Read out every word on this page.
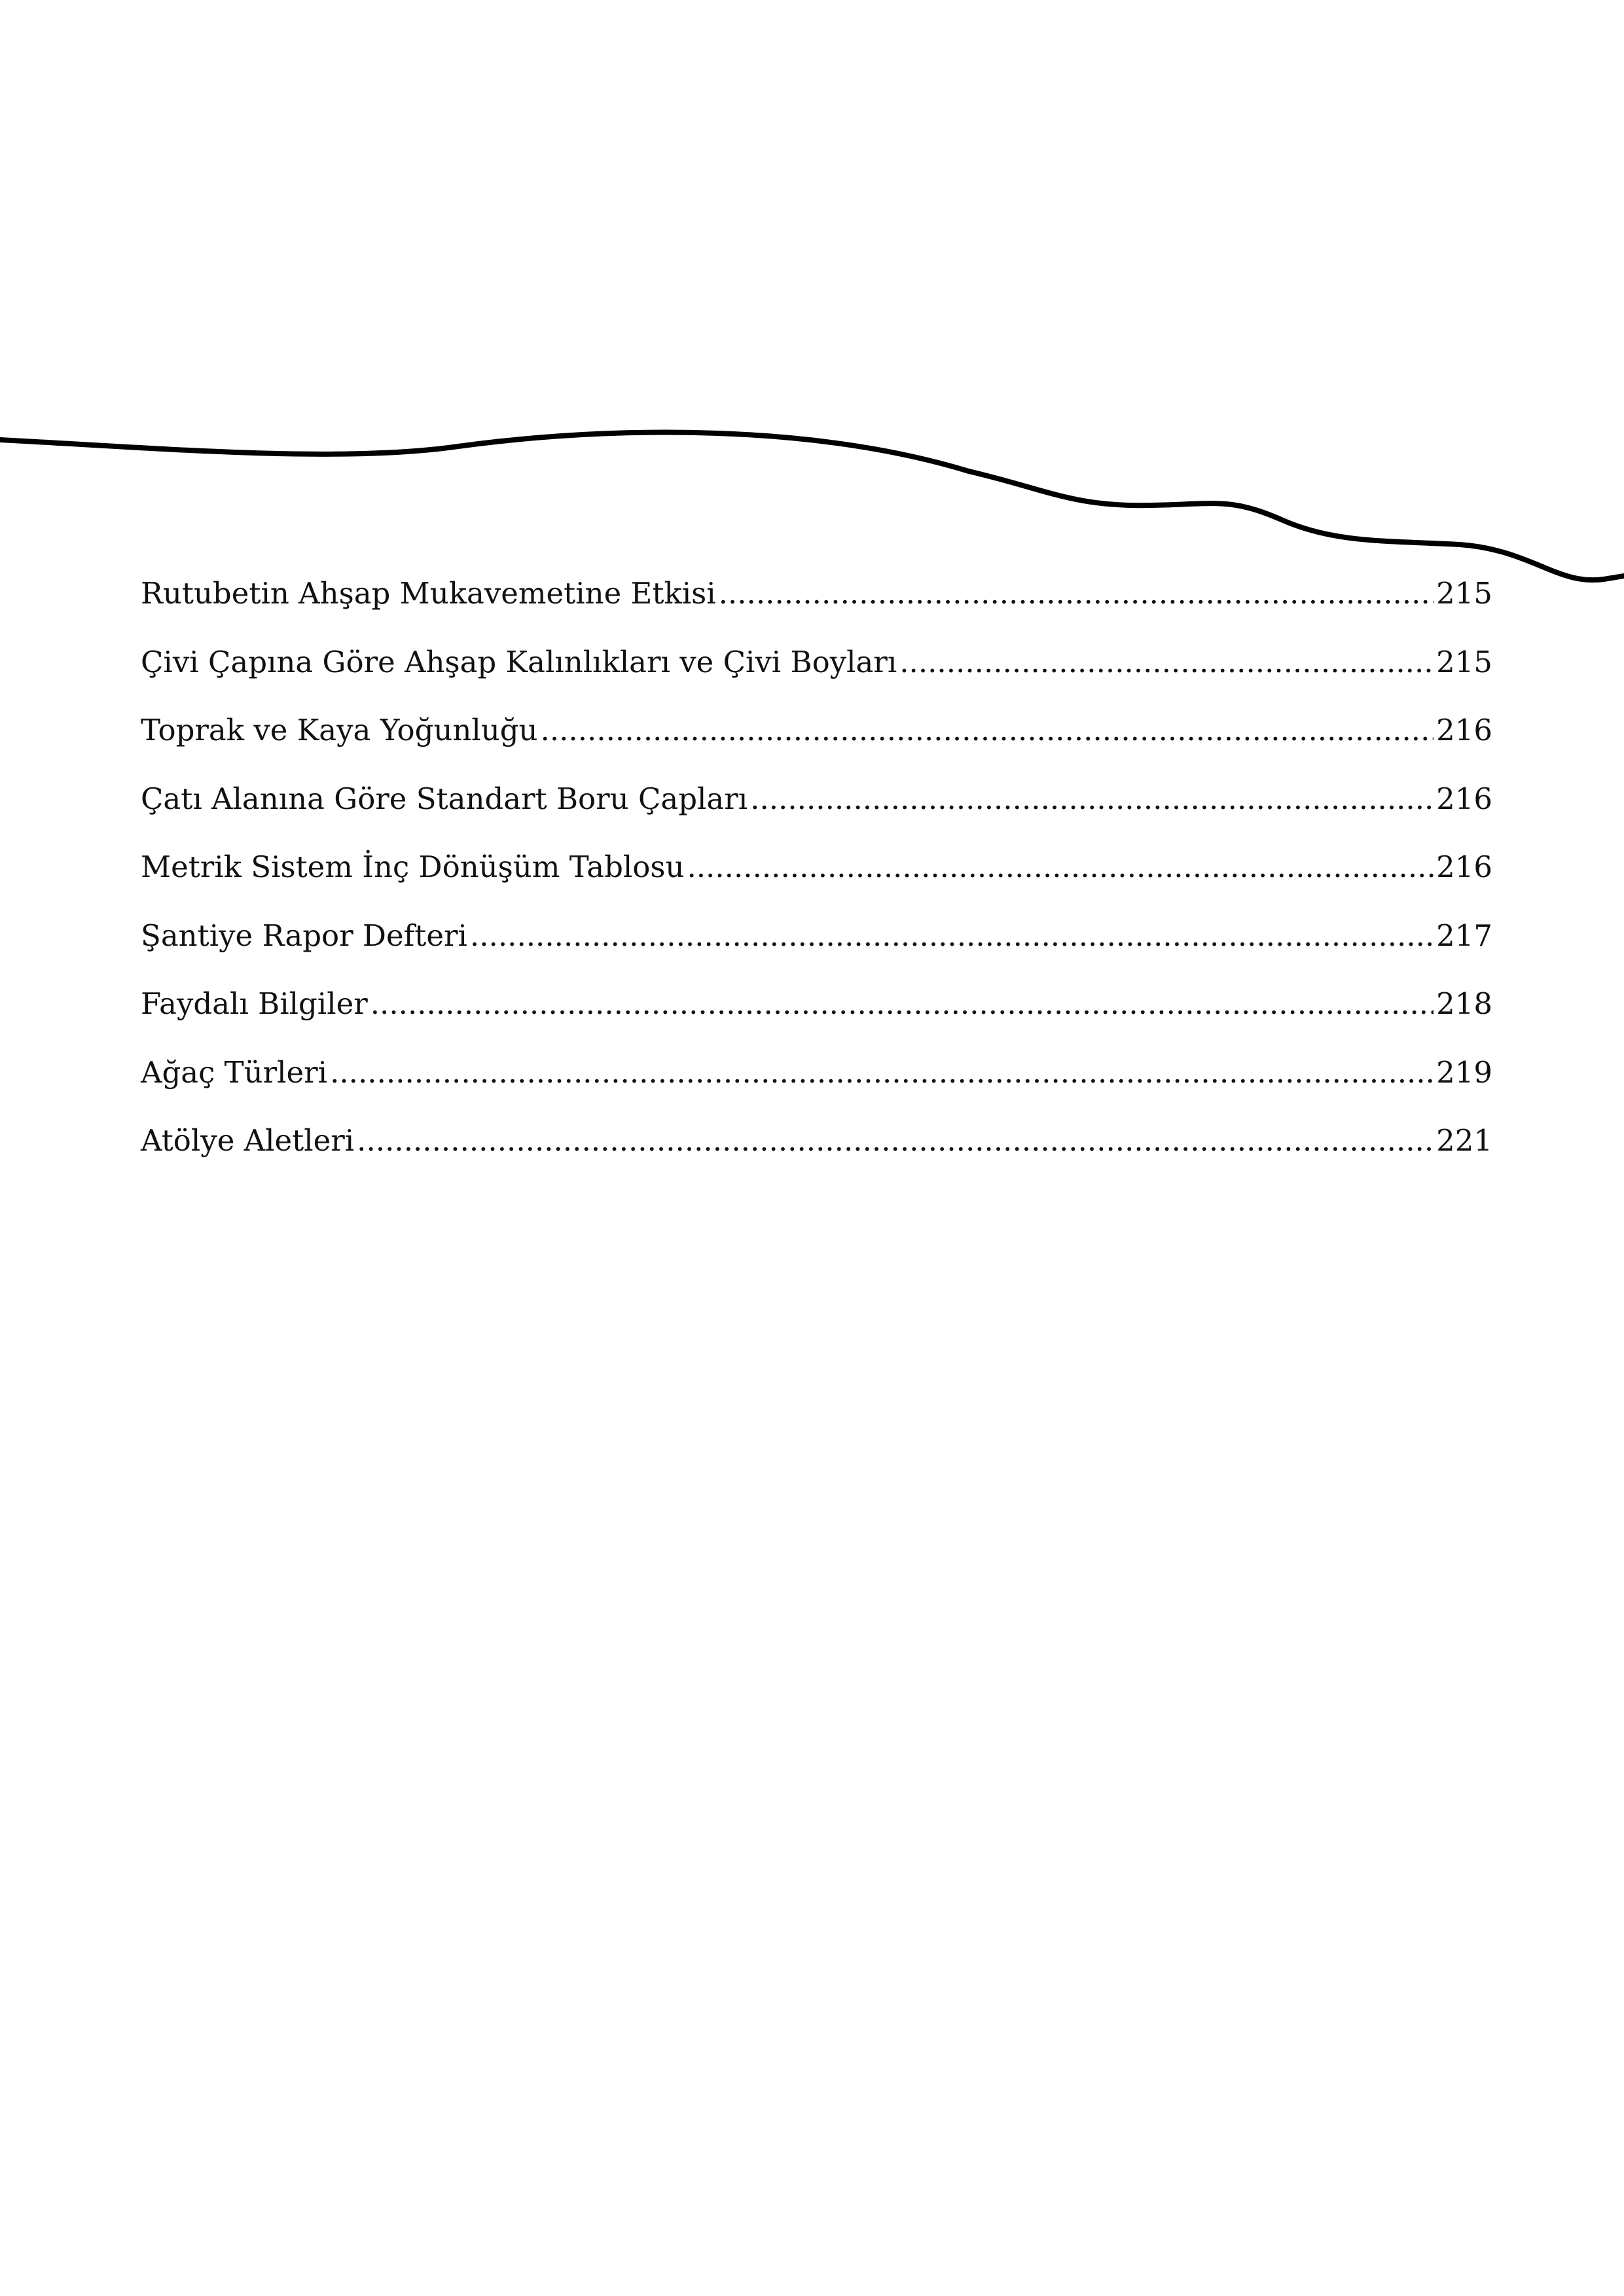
Rutubetin Ahşap Mukavemetine Etkisi .....	215
Çivi Çapına Göre Ahşap Kalınlıkları ve Çivi Boyları .....	215
Toprak ve Kaya Yoğunluğu .....	216
Çatı Alanına Göre Standart Boru Çapları .....	216
Metrik Sistem İnç Dönüşüm Tablosu .....	216
Şantiye Rapor Defteri .....	217
Faydalı Bilgiler .....	218
Ağaç Türleri .....	219
Atölye Aletleri .....	221
